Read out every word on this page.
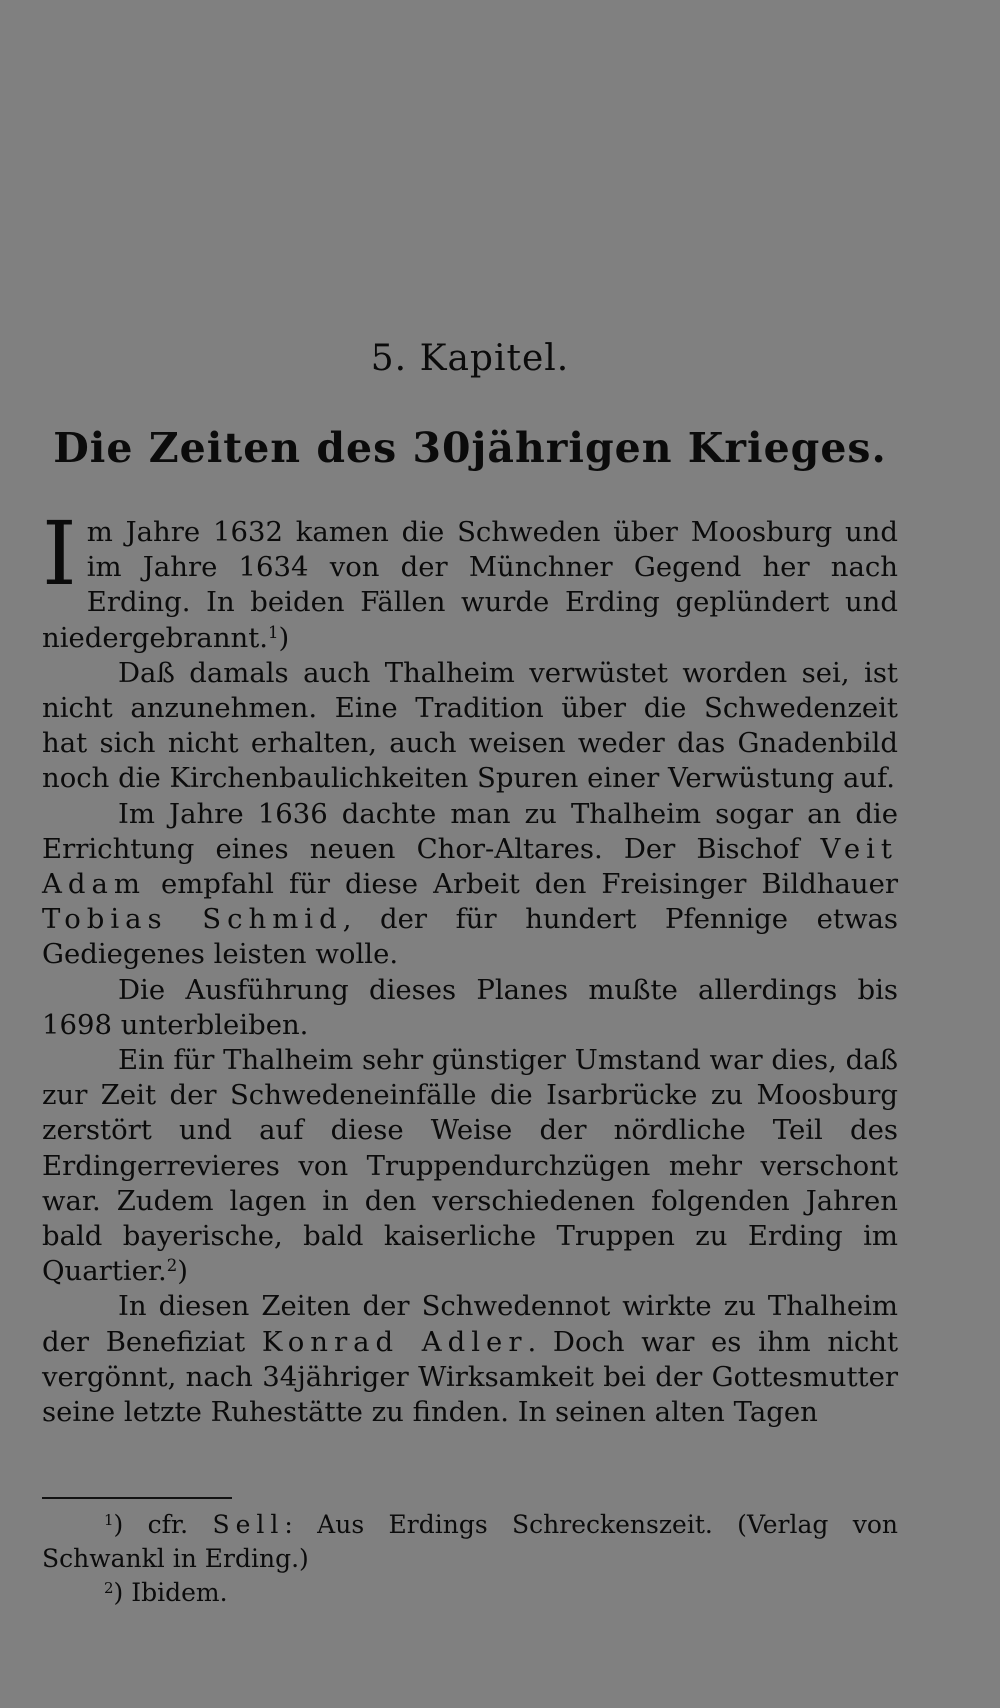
5. Kapitel.
Die Zeiten des 30jährigen Krieges.

Im Jahre 1632 kamen die Schweden über Moosburg und im Jahre 1634 von der Münchner Gegend her nach Erding. In beiden Fällen wurde Erding geplündert und niedergebrannt.$^1$)

Daß damals auch Thalheim verwüstet worden sei, ist nicht anzunehmen. Eine Tradition über die Schwedenzeit hat sich nicht erhalten, auch weisen weder das Gnadenbild noch die Kirchenbaulichkeiten Spuren einer Verwüstung auf.

Im Jahre 1636 dachte man zu Thalheim sogar an die Errichtung eines neuen Chor-Altares. Der Bischof Veit Adam empfahl für diese Arbeit den Freisinger Bildhauer Tobias Schmid, der für hundert Pfennige etwas Gediegenes leisten wolle.

Die Ausführung dieses Planes mußte allerdings bis 1698 unterbleiben.

Ein für Thalheim sehr günstiger Umstand war dies, daß zur Zeit der Schwedeneinfälle die Isarbrücke zu Moosburg zerstört und auf diese Weise der nördliche Teil des Erdingerrevieres von Truppendurchzügen mehr verschont war. Zudem lagen in den verschiedenen folgenden Jahren bald bayerische, bald kaiserliche Truppen zu Erding im Quartier.$^2$)

In diesen Zeiten der Schwedennot wirkte zu Thalheim der Benefiziat Konrad Adler. Doch war es ihm nicht vergönnt, nach 34jähriger Wirksamkeit bei der Gottesmutter seine letzte Ruhestätte zu finden. In seinen alten Tagen

$^1$) cfr. Sell: Aus Erdings Schreckenszeit. (Verlag von Schwankl in Erding.)

$^2$) Ibidem.
